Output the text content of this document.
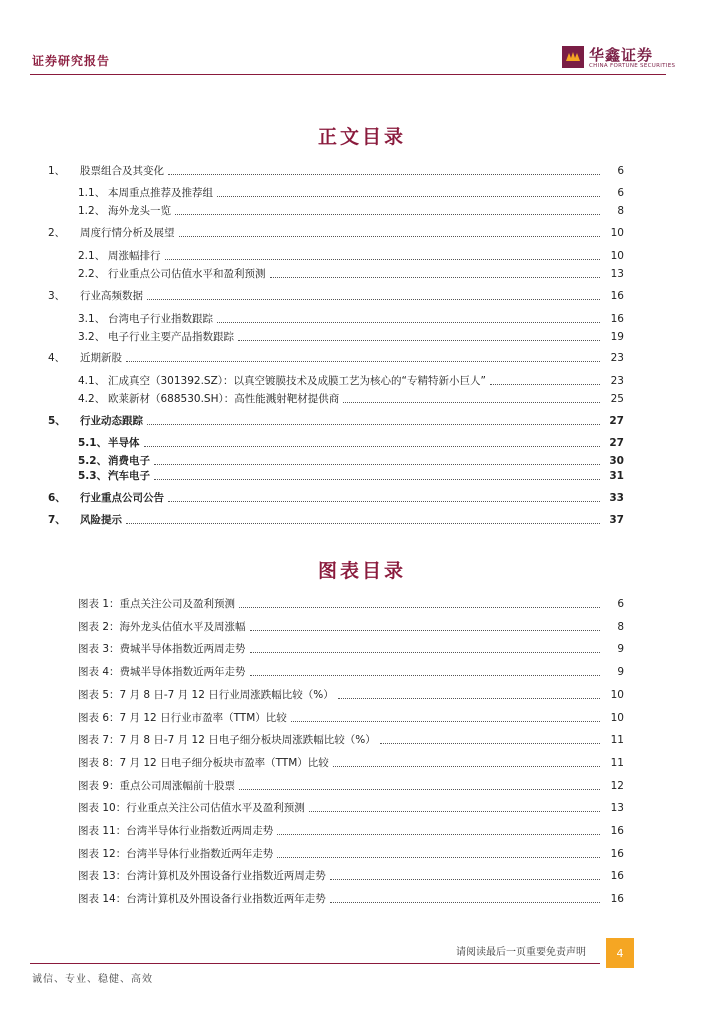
证券研究报告	华鑫证券
CHINA FORTUNE SECURITIES
正文目录
1、	股票组合及其变化	6
1.1、 本周重点推荐及推荐组	6
1.2、 海外龙头一览	8
2、	周度行情分析及展望	10
2.1、 周涨幅排行	10
2.2、 行业重点公司估值水平和盈利预测	13
3、	行业高频数据	16
3.1、 台湾电子行业指数跟踪	16
3.2、 电子行业主要产品指数跟踪	19
4、	近期新股	23
4.1、 汇成真空（301392.SZ）：以真空镀膜技术及成膜工艺为核心的“专精特新小巨人”	23
4.2、 欧莱新材（688530.SH）：高性能溅射靶材提供商	25
5、	行业动态跟踪	27
5.1、 半导体	27
5.2、 消费电子	30
5.3、 汽车电子	31
6、	行业重点公司公告	33
7、	风险提示	37
图表目录
图表 1：重点关注公司及盈利预测	6
图表 2：海外龙头估值水平及周涨幅	8
图表 3：费城半导体指数近两周走势	9
图表 4：费城半导体指数近两年走势	9
图表 5：7 月 8 日-7 月 12 日行业周涨跌幅比较（%）	10
图表 6：7 月 12 日行业市盈率（TTM）比较	10
图表 7：7 月 8 日-7 月 12 日电子细分板块周涨跌幅比较（%）	11
图表 8：7 月 12 日电子细分板块市盈率（TTM）比较	11
图表 9：重点公司周涨幅前十股票	12
图表 10：行业重点关注公司估值水平及盈利预测	13
图表 11：台湾半导体行业指数近两周走势	16
图表 12：台湾半导体行业指数近两年走势	16
图表 13：台湾计算机及外围设备行业指数近两周走势	16
图表 14：台湾计算机及外围设备行业指数近两年走势	16
请阅读最后一页重要免责声明	4
诚信、专业、稳健、高效
